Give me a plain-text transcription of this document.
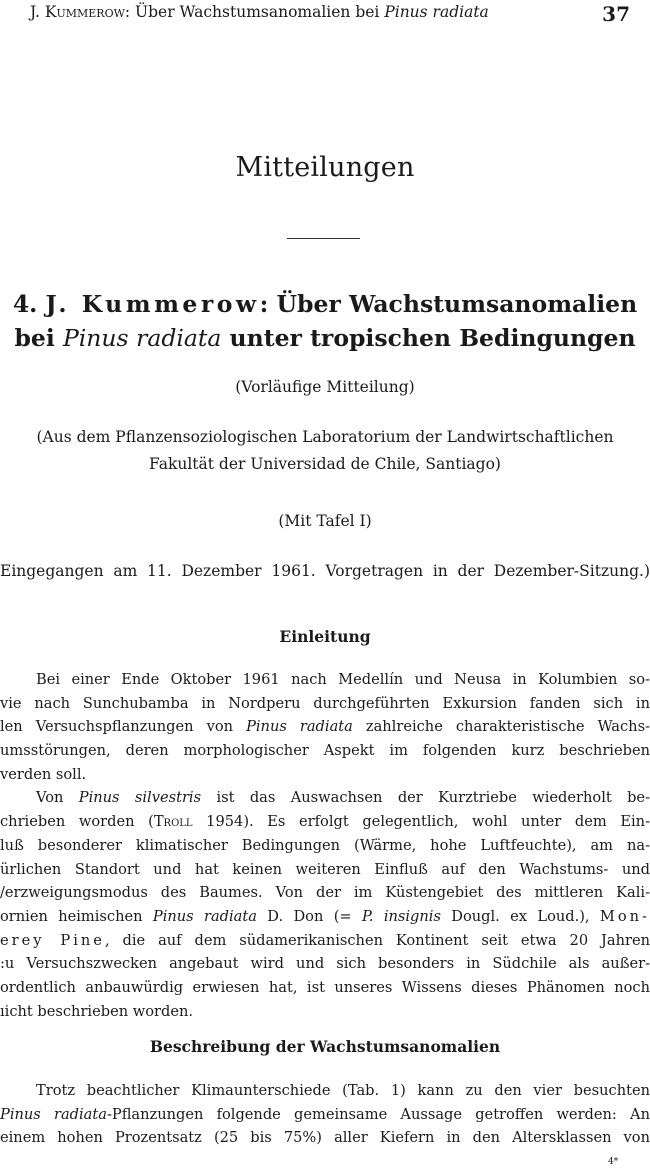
J. Kummerow: Über Wachstumsanomalien bei Pinus radiata	37
Mitteilungen
4. J. Kummerow: Über Wachstumsanomalien
bei Pinus radiata unter tropischen Bedingungen
(Vorläufige Mitteilung)
(Aus dem Pflanzensoziologischen Laboratorium der Landwirtschaftlichen
Fakultät der Universidad de Chile, Santiago)
(Mit Tafel I)
Eingegangen am 11. Dezember 1961. Vorgetragen in der Dezember-Sitzung.)
Einleitung
Bei einer Ende Oktober 1961 nach Medellín und Neusa in Kolumbien so-
vie nach Sunchubamba in Nordperu durchgeführten Exkursion fanden sich in
len Versuchspflanzungen von Pinus radiata zahlreiche charakteristische Wachs-
umsstörungen, deren morphologischer Aspekt im folgenden kurz beschrieben
verden soll.
Von Pinus silvestris ist das Auswachsen der Kurztriebe wiederholt be-
chrieben worden (Troll 1954). Es erfolgt gelegentlich, wohl unter dem Ein-
luß besonderer klimatischer Bedingungen (Wärme, hohe Luftfeuchte), am na-
ürlichen Standort und hat keinen weiteren Einfluß auf den Wachstums- und
/erzweigungsmodus des Baumes. Von der im Küstengebiet des mittleren Kali-
ornien heimischen Pinus radiata D. Don (= P. insignis Dougl. ex Loud.), Mon-
erey Pine, die auf dem südamerikanischen Kontinent seit etwa 20 Jahren
:u Versuchszwecken angebaut wird und sich besonders in Südchile als außer-
ordentlich anbauwürdig erwiesen hat, ist unseres Wissens dieses Phänomen noch
ıicht beschrieben worden.
Beschreibung der Wachstumsanomalien
Trotz beachtlicher Klimaunterschiede (Tab. 1) kann zu den vier besuchten
Pinus radiata-Pflanzungen folgende gemeinsame Aussage getroffen werden: An
einem hohen Prozentsatz (25 bis 75%) aller Kiefern in den Altersklassen von
4*
